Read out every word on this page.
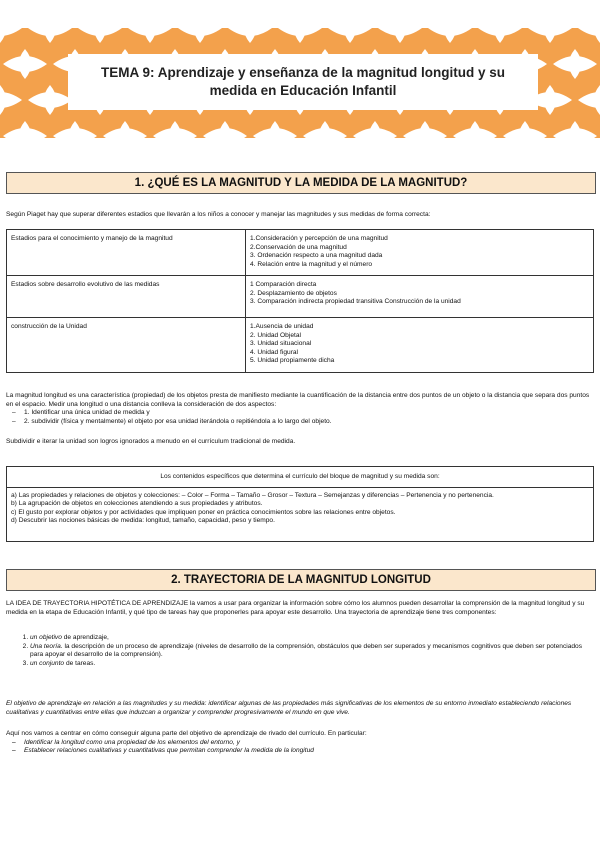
TEMA 9: Aprendizaje y enseñanza de la magnitud longitud y su
medida en Educación Infantil
1. ¿QUÉ ES LA MAGNITUD Y LA MEDIDA DE LA MAGNITUD?
Según Piaget hay que superar diferentes estadios que llevarán a los niños a conocer y manejar las magnitudes y sus medidas de forma correcta:
Estadios para el conocimiento y manejo de la magnitud	1.Consideración y percepción de una magnitud
2.Conservación de una magnitud
3. Ordenación respecto a una magnitud dada
4. Relación entre la magnitud y el número

Estadios sobre desarrollo evolutivo de las medidas	1 Comparación directa
2. Desplazamiento de objetos
3. Comparación indirecta propiedad transitiva Construcción de la unidad

construcción de la Unidad	1.Ausencia de unidad
2. Unidad Objetal
3. Unidad situacional
4. Unidad figural
5. Unidad propiamente dicha
La magnitud longitud es una característica (propiedad) de los objetos presta de manifiesto mediante la cuantificación de la distancia entre dos puntos de un objeto o la distancia que separa dos puntos en el espacio. Medir una longitud o una distancia conlleva la consideración de dos aspectos:
– 1. Identificar una única unidad de medida y
– 2. subdividir (física y mentalmente) el objeto por esa unidad iterándola o repitiéndola a lo largo del objeto.
Subdividir e iterar la unidad son logros ignorados a menudo en el currículum tradicional de medida.
Los contenidos específicos que determina el currículo del bloque de magnitud y su medida son:
a) Las propiedades y relaciones de objetos y colecciones: – Color – Forma – Tamaño – Grosor – Textura – Semejanzas y diferencias – Pertenencia y no pertenencia.
b) La agrupación de objetos en colecciones atendiendo a sus propiedades y atributos.
c) El gusto por explorar objetos y por actividades que impliquen poner en práctica conocimientos sobre las relaciones entre objetos.
d) Descubrir las nociones básicas de medida: longitud, tamaño, capacidad, peso y tiempo.
2. TRAYECTORIA DE LA MAGNITUD LONGITUD
LA IDEA DE TRAYECTORIA HIPOTÉTICA DE APRENDIZAJE la vamos a usar para organizar la información sobre cómo los alumnos pueden desarrollar la comprensión de la magnitud longitud y su medida en la etapa de Educación Infantil, y qué tipo de tareas hay que proponerles para apoyar este desarrollo. Una trayectoria de aprendizaje tiene tres componentes:
1. un objetivo de aprendizaje,
2. Una teoría. la descripción de un proceso de aprendizaje (niveles de desarrollo de la comprensión, obstáculos que deben ser superados y mecanismos cognitivos que deben ser potenciados para apoyar el desarrollo de la comprensión).
3. un conjunto de tareas.
El objetivo de aprendizaje en relación a las magnitudes y su medida: identificar algunas de las propiedades más significativas de los elementos de su entorno inmediato estableciendo relaciones cualitativas y cuantitativas entre ellas que induzcan a organizar y comprender progresivamente el mundo en que vive.
Aquí nos vamos a centrar en cómo conseguir alguna parte del objetivo de aprendizaje de rivado del currículo. En particular:
– Identificar la longitud como una propiedad de los elementos del entorno, y
– Establecer relaciones cualitativas y cuantitativas que permitan comprender la medida de la longitud
